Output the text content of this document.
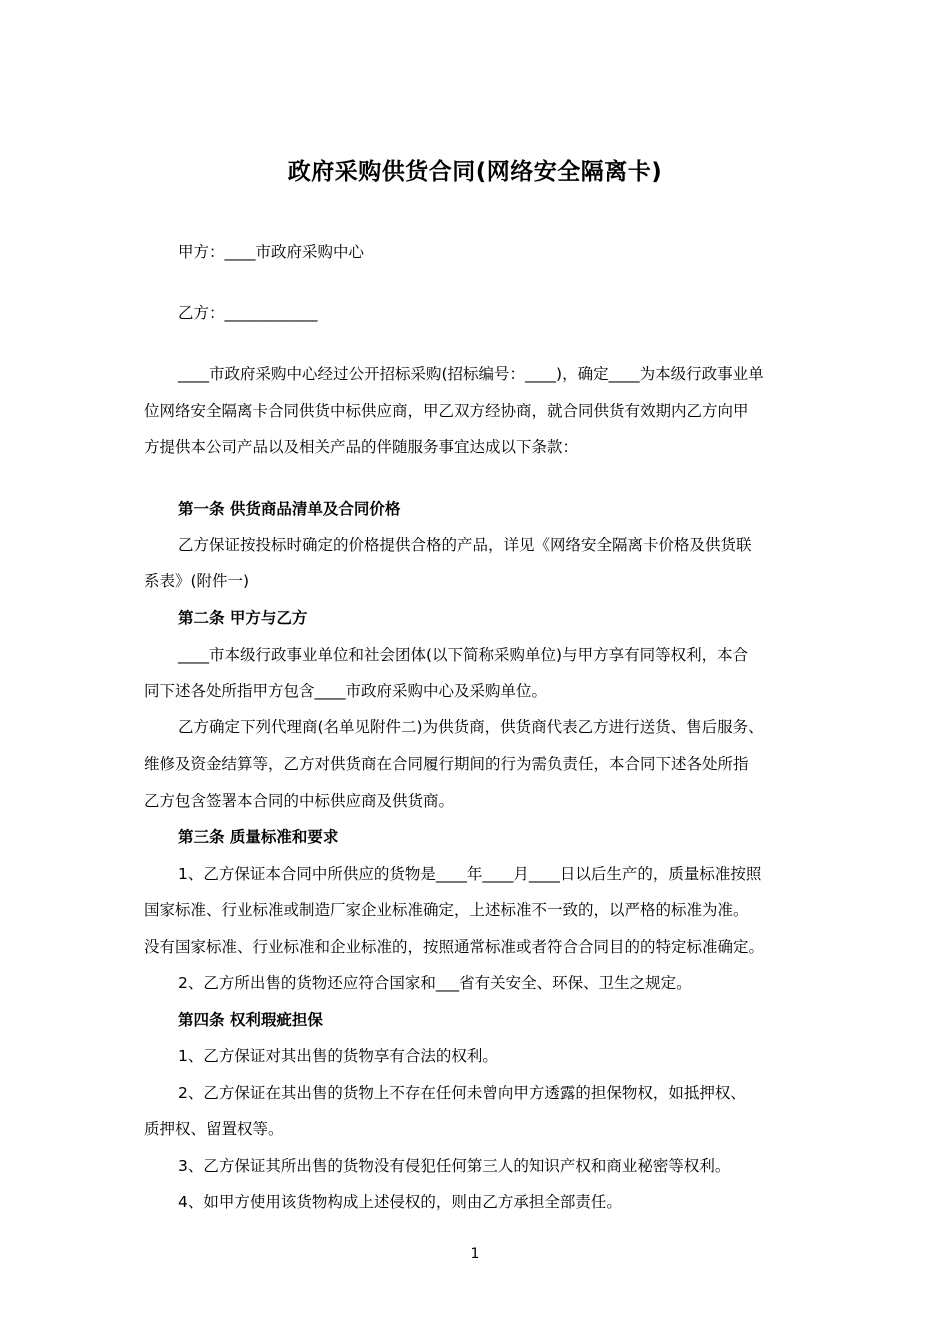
政府采购供货合同(网络安全隔离卡)
甲方：____市政府采购中心
乙方：____________
____市政府采购中心经过公开招标采购(招标编号：____)，确定____为本级行政事业单
位网络安全隔离卡合同供货中标供应商，甲乙双方经协商，就合同供货有效期内乙方向甲
方提供本公司产品以及相关产品的伴随服务事宜达成以下条款：
第一条 供货商品清单及合同价格
乙方保证按投标时确定的价格提供合格的产品，详见《网络安全隔离卡价格及供货联
系表》(附件一)
第二条 甲方与乙方
____市本级行政事业单位和社会团体(以下简称采购单位)与甲方享有同等权利，本合
同下述各处所指甲方包含____市政府采购中心及采购单位。
乙方确定下列代理商(名单见附件二)为供货商，供货商代表乙方进行送货、售后服务、
维修及资金结算等，乙方对供货商在合同履行期间的行为需负责任，本合同下述各处所指
乙方包含签署本合同的中标供应商及供货商。
第三条 质量标准和要求
1、乙方保证本合同中所供应的货物是____年____月____日以后生产的，质量标准按照
国家标准、行业标准或制造厂家企业标准确定，上述标准不一致的，以严格的标准为准。
没有国家标准、行业标准和企业标准的，按照通常标准或者符合合同目的的特定标准确定。
2、乙方所出售的货物还应符合国家和___省有关安全、环保、卫生之规定。
第四条 权利瑕疵担保
1、乙方保证对其出售的货物享有合法的权利。
2、乙方保证在其出售的货物上不存在任何未曾向甲方透露的担保物权，如抵押权、
质押权、留置权等。
3、乙方保证其所出售的货物没有侵犯任何第三人的知识产权和商业秘密等权利。
4、如甲方使用该货物构成上述侵权的，则由乙方承担全部责任。
1
